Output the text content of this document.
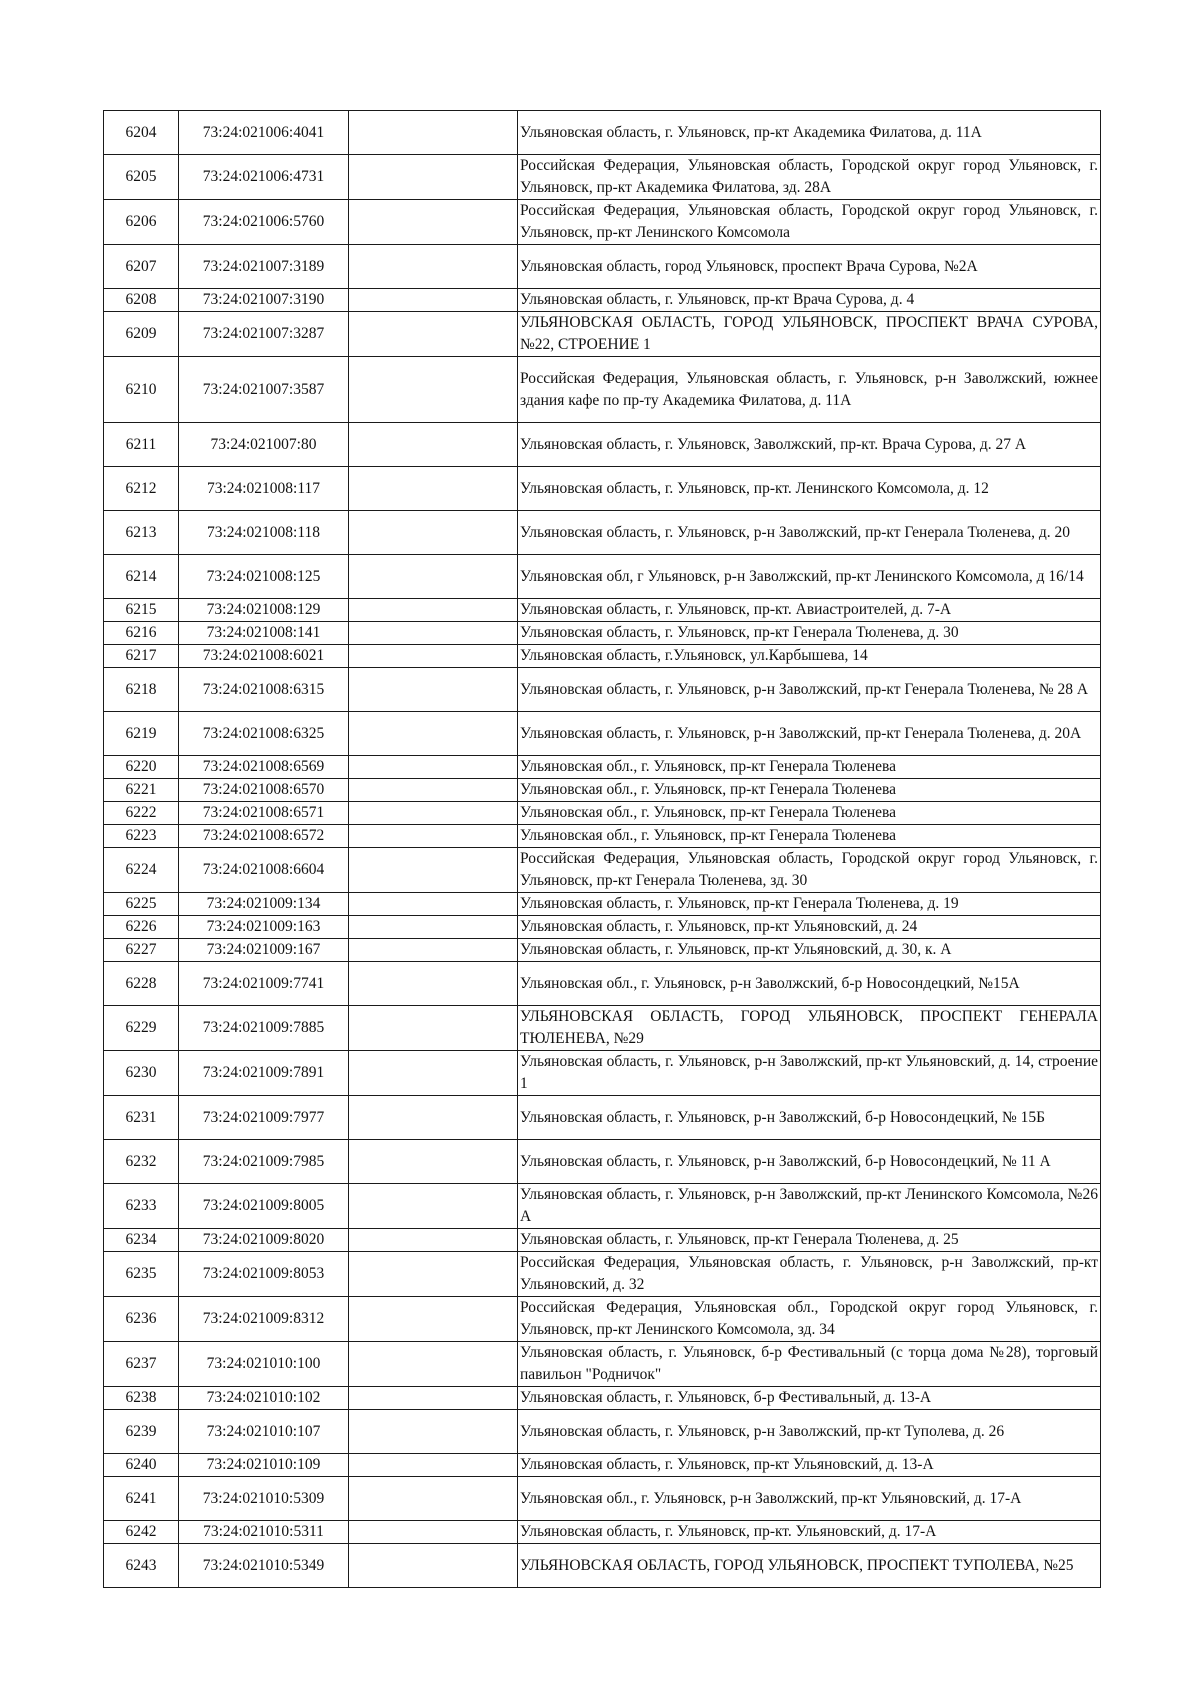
6204	73:24:021006:4041		Ульяновская область, г. Ульяновск, пр-кт Академика Филатова, д. 11А
6205	73:24:021006:4731		Российская Федерация, Ульяновская область, Городской округ город Ульяновск, г. Ульяновск, пр-кт Академика Филатова, зд. 28А
6206	73:24:021006:5760		Российская Федерация, Ульяновская область, Городской округ город Ульяновск, г. Ульяновск, пр-кт Ленинского Комсомола
6207	73:24:021007:3189		Ульяновская область, город Ульяновск, проспект Врача Сурова, №2А
6208	73:24:021007:3190		Ульяновская область, г. Ульяновск, пр-кт Врача Сурова, д. 4
6209	73:24:021007:3287		УЛЬЯНОВСКАЯ ОБЛАСТЬ, ГОРОД УЛЬЯНОВСК, ПРОСПЕКТ ВРАЧА СУРОВА, №22, СТРОЕНИЕ 1
6210	73:24:021007:3587		Российская Федерация, Ульяновская область, г. Ульяновск, р-н Заволжский, южнее здания кафе по пр-ту Академика Филатова, д. 11А
6211	73:24:021007:80		Ульяновская область, г. Ульяновск, Заволжский, пр-кт. Врача Сурова, д. 27 А
6212	73:24:021008:117		Ульяновская область, г. Ульяновск, пр-кт. Ленинского Комсомола, д. 12
6213	73:24:021008:118		Ульяновская область, г. Ульяновск, р-н Заволжский, пр-кт Генерала Тюленева, д. 20
6214	73:24:021008:125		Ульяновская обл, г Ульяновск, р-н Заволжский, пр-кт Ленинского Комсомола, д 16/14
6215	73:24:021008:129		Ульяновская область, г. Ульяновск, пр-кт. Авиастроителей, д. 7-А
6216	73:24:021008:141		Ульяновская область, г. Ульяновск, пр-кт Генерала Тюленева, д. 30
6217	73:24:021008:6021		Ульяновская область, г.Ульяновск, ул.Карбышева, 14
6218	73:24:021008:6315		Ульяновская область, г. Ульяновск, р-н Заволжский, пр-кт Генерала Тюленева, № 28 А
6219	73:24:021008:6325		Ульяновская область, г. Ульяновск, р-н Заволжский, пр-кт Генерала Тюленева, д. 20А
6220	73:24:021008:6569		Ульяновская обл., г. Ульяновск, пр-кт Генерала Тюленева
6221	73:24:021008:6570		Ульяновская обл., г. Ульяновск, пр-кт Генерала Тюленева
6222	73:24:021008:6571		Ульяновская обл., г. Ульяновск, пр-кт Генерала Тюленева
6223	73:24:021008:6572		Ульяновская обл., г. Ульяновск, пр-кт Генерала Тюленева
6224	73:24:021008:6604		Российская Федерация, Ульяновская область, Городской округ город Ульяновск, г. Ульяновск, пр-кт Генерала Тюленева, зд. 30
6225	73:24:021009:134		Ульяновская область, г. Ульяновск, пр-кт Генерала Тюленева, д. 19
6226	73:24:021009:163		Ульяновская область, г. Ульяновск, пр-кт Ульяновский, д. 24
6227	73:24:021009:167		Ульяновская область, г. Ульяновск, пр-кт Ульяновский, д. 30, к. А
6228	73:24:021009:7741		Ульяновская обл., г. Ульяновск, р-н Заволжский, б-р Новосондецкий, №15А
6229	73:24:021009:7885		УЛЬЯНОВСКАЯ ОБЛАСТЬ, ГОРОД УЛЬЯНОВСК, ПРОСПЕКТ ГЕНЕРАЛА ТЮЛЕНЕВА, №29
6230	73:24:021009:7891		Ульяновская область, г. Ульяновск, р-н Заволжский, пр-кт Ульяновский, д. 14, строение 1
6231	73:24:021009:7977		Ульяновская область, г. Ульяновск, р-н Заволжский, б-р Новосондецкий, № 15Б
6232	73:24:021009:7985		Ульяновская область, г. Ульяновск, р-н Заволжский, б-р Новосондецкий, № 11 А
6233	73:24:021009:8005		Ульяновская область, г. Ульяновск, р-н Заволжский, пр-кт Ленинского Комсомола, №26 А
6234	73:24:021009:8020		Ульяновская область, г. Ульяновск, пр-кт Генерала Тюленева, д. 25
6235	73:24:021009:8053		Российская Федерация, Ульяновская область, г. Ульяновск, р-н Заволжский, пр-кт Ульяновский, д. 32
6236	73:24:021009:8312		Российская Федерация, Ульяновская обл., Городской округ город Ульяновск, г. Ульяновск, пр-кт Ленинского Комсомола, зд. 34
6237	73:24:021010:100		Ульяновская область, г. Ульяновск, б-р Фестивальный (с торца дома №28), торговый павильон "Родничок"
6238	73:24:021010:102		Ульяновская область, г. Ульяновск, б-р Фестивальный, д. 13-А
6239	73:24:021010:107		Ульяновская область, г. Ульяновск, р-н Заволжский, пр-кт Туполева, д. 26
6240	73:24:021010:109		Ульяновская область, г. Ульяновск, пр-кт Ульяновский, д. 13-А
6241	73:24:021010:5309		Ульяновская обл., г. Ульяновск, р-н Заволжский, пр-кт Ульяновский, д. 17-А
6242	73:24:021010:5311		Ульяновская область, г. Ульяновск, пр-кт. Ульяновский, д. 17-А
6243	73:24:021010:5349		УЛЬЯНОВСКАЯ ОБЛАСТЬ, ГОРОД УЛЬЯНОВСК, ПРОСПЕКТ ТУПОЛЕВА, №25
